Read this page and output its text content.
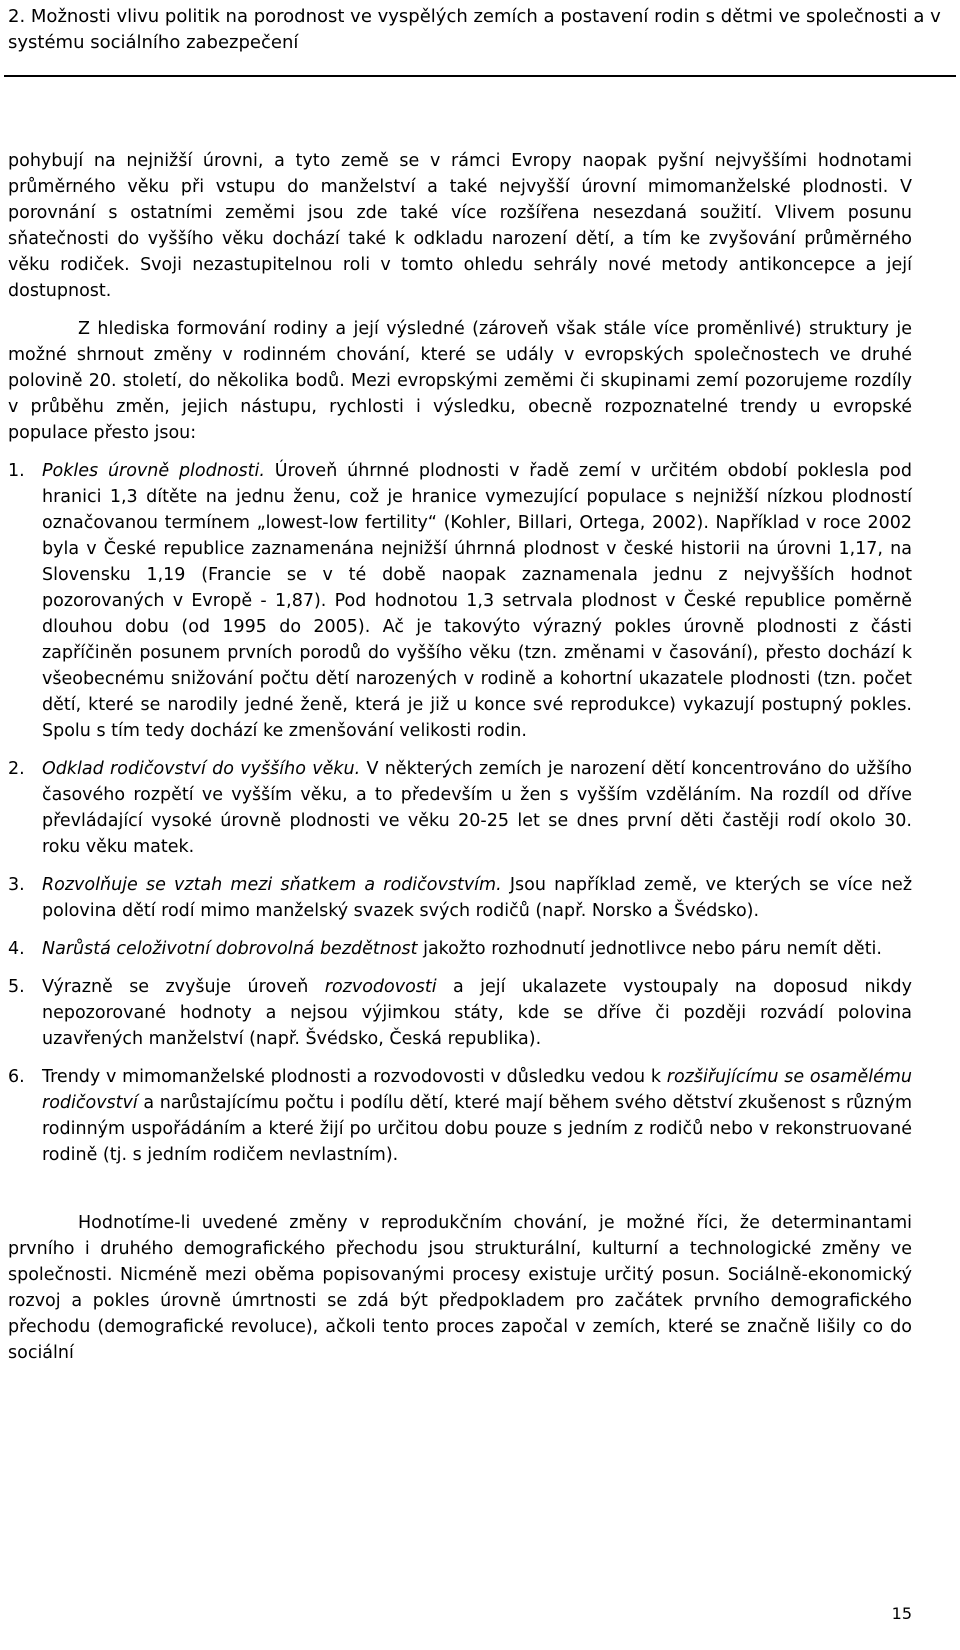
2. Možnosti vlivu politik na porodnost ve vyspělých zemích a postavení rodin s dětmi ve společnosti a v systému sociálního zabezpečení

pohybují na nejnižší úrovni, a tyto země se v rámci Evropy naopak pyšní nejvyššími hodnotami průměrného věku při vstupu do manželství a také nejvyšší úrovní mimomanželské plodnosti. V porovnání s ostatními zeměmi jsou zde také více rozšířena nesezdaná soužití. Vlivem posunu sňatečnosti do vyššího věku dochází také k odkladu narození dětí, a tím ke zvyšování průměrného věku rodiček. Svoji nezastupitelnou roli v tomto ohledu sehrály nové metody antikoncepce a její dostupnost.

Z hlediska formování rodiny a její výsledné (zároveň však stále více proměnlivé) struktury je možné shrnout změny v rodinném chování, které se udály v evropských společnostech ve druhé polovině 20. století, do několika bodů. Mezi evropskými zeměmi či skupinami zemí pozorujeme rozdíly v průběhu změn, jejich nástupu, rychlosti i výsledku, obecně rozpoznatelné trendy u evropské populace přesto jsou:

1. Pokles úrovně plodnosti. Úroveň úhrnné plodnosti v řadě zemí v určitém období poklesla pod hranici 1,3 dítěte na jednu ženu, což je hranice vymezující populace s nejnižší nízkou plodností označovanou termínem „lowest-low fertility“ (Kohler, Billari, Ortega, 2002). Například v roce 2002 byla v České republice zaznamenána nejnižší úhrnná plodnost v české historii na úrovni 1,17, na Slovensku 1,19 (Francie se v té době naopak zaznamenala jednu z nejvyšších hodnot pozorovaných v Evropě - 1,87). Pod hodnotou 1,3 setrvala plodnost v České republice poměrně dlouhou dobu (od 1995 do 2005). Ač je takovýto výrazný pokles úrovně plodnosti z části zapříčiněn posunem prvních porodů do vyššího věku (tzn. změnami v časování), přesto dochází k všeobecnému snižování počtu dětí narozených v rodině a kohortní ukazatele plodnosti (tzn. počet dětí, které se narodily jedné ženě, která je již u konce své reprodukce) vykazují postupný pokles. Spolu s tím tedy dochází ke zmenšování velikosti rodin.
2. Odklad rodičovství do vyššího věku. V některých zemích je narození dětí koncentrováno do užšího časového rozpětí ve vyšším věku, a to především u žen s vyšším vzděláním. Na rozdíl od dříve převládající vysoké úrovně plodnosti ve věku 20-25 let se dnes první děti častěji rodí okolo 30. roku věku matek.
3. Rozvolňuje se vztah mezi sňatkem a rodičovstvím. Jsou například země, ve kterých se více než polovina dětí rodí mimo manželský svazek svých rodičů (např. Norsko a Švédsko).
4. Narůstá celoživotní dobrovolná bezdětnost jakožto rozhodnutí jednotlivce nebo páru nemít děti.
5. Výrazně se zvyšuje úroveň rozvodovosti a její ukalazete vystoupaly na doposud nikdy nepozorované hodnoty a nejsou výjimkou státy, kde se dříve či později rozvádí polovina uzavřených manželství (např. Švédsko, Česká republika).
6. Trendy v mimomanželské plodnosti a rozvodovosti v důsledku vedou k rozšiřujícímu se osamělému rodičovství a narůstajícímu počtu i podílu dětí, které mají během svého dětství zkušenost s různým rodinným uspořádáním a které žijí po určitou dobu pouze s jedním z rodičů nebo v rekonstruované rodině (tj. s jedním rodičem nevlastním).

Hodnotíme-li uvedené změny v reprodukčním chování, je možné říci, že determinantami prvního i druhého demografického přechodu jsou strukturální, kulturní a technologické změny ve společnosti. Nicméně mezi oběma popisovanými procesy existuje určitý posun. Sociálně-ekonomický rozvoj a pokles úrovně úmrtnosti se zdá být předpokladem pro začátek prvního demografického přechodu (demografické revoluce), ačkoli tento proces započal v zemích, které se značně lišily co do sociální

15
